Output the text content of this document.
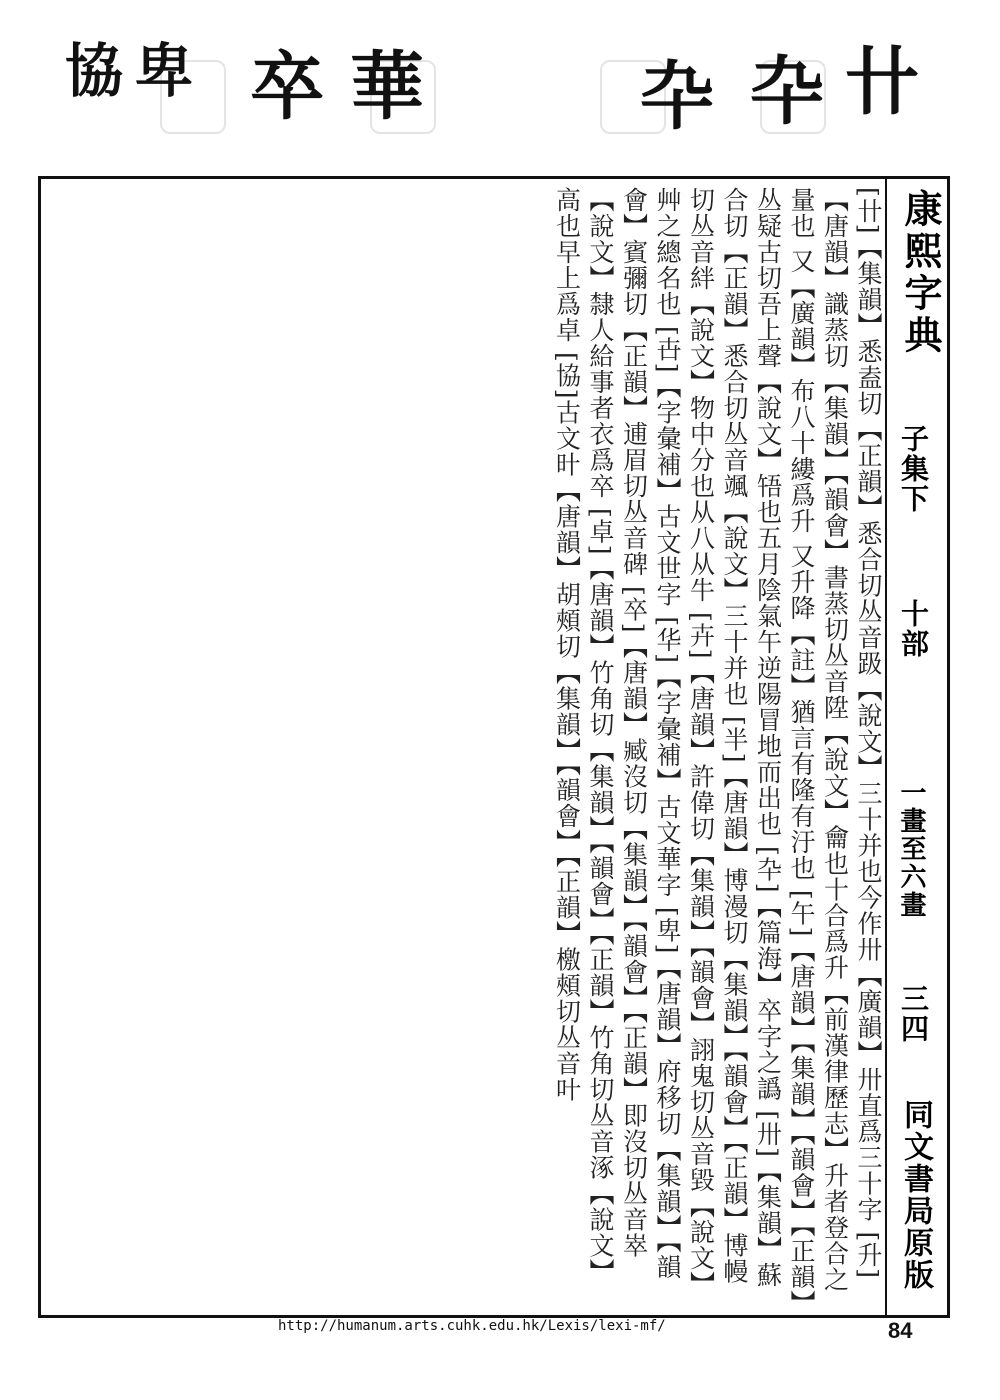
協 卑 卒 華	卆 卆 卄
[卄]【集韻】悉盍切【正韻】悉合切丛音趿【說文】三十并也今作卅【廣韻】卅直爲三十字 [升]【唐韻】識蒸切【集韻】【韻會】書蒸切丛音陞【說文】龠也十合爲升【前漢律歷志】升者登合之量也 又【廣韻】布八十縷爲升 又升降【註】猶言有隆有汙也 [午]【唐韻】【集韻】【韻會】【正韻】丛疑古切吾上聲【說文】啎也五月陰氣午逆陽冒地而出也 [卆]【篇海】卒字之譌 [卅]【集韻】蘇合切【正韻】悉合切丛音颯【說文】三十并也 [半]【唐韻】博漫切【集韻】【韻會】【正韻】博幔切丛音絆【說文】物中分也从八从牛 [卉]【唐韻】許偉切【集韻】【韻會】詡鬼切丛音毀【說文】艸之總名也 [卋]【字彙補】古文世字 [华]【字彙補】古文華字 [卑]【唐韻】府移切【集韻】【韻會】賓彌切【正韻】逋眉切丛音碑 [卒]【唐韻】臧沒切【集韻】【韻會】【正韻】即沒切丛音崒【說文】隸人給事者衣爲卒 [卓]【唐韻】竹角切【集韻】【韻會】【正韻】竹角切丛音涿【說文】高也早上爲卓 [協]古文旪【唐韻】胡頰切【集韻】【韻會】【正韻】檄頰切丛音叶	康熙字典
子集下
十部
一畫至六畫
三四
同文書局原版
http://humanum.arts.cuhk.edu.hk/Lexis/lexi-mf/	84
